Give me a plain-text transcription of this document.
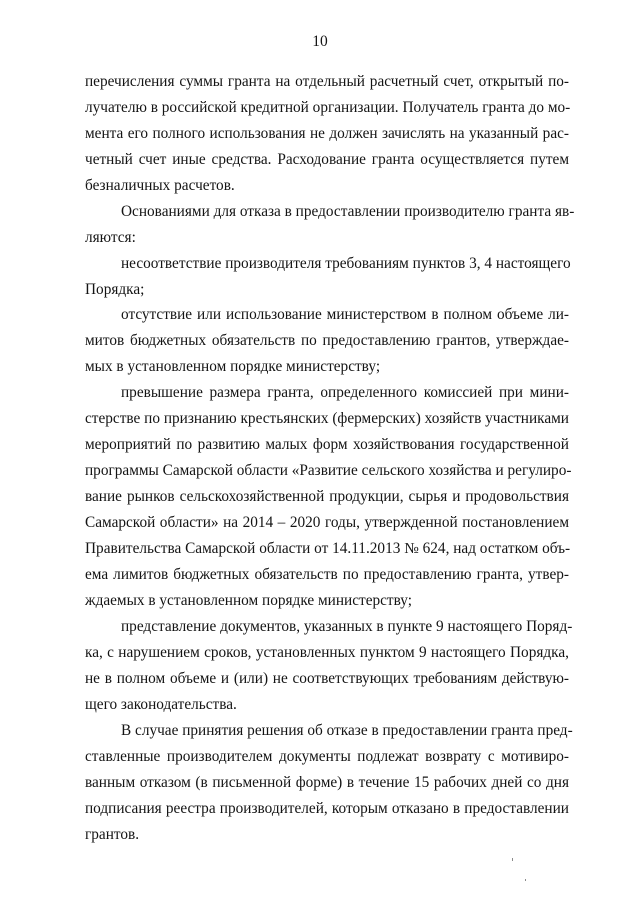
10
перечисления суммы гранта на отдельный расчетный счет, открытый по-
лучателю в российской кредитной организации. Получатель гранта до мо-
мента его полного использования не должен зачислять на указанный рас-
четный счет иные средства. Расходование гранта осуществляется путем
безналичных расчетов.
Основаниями для отказа в предоставлении производителю гранта яв-
ляются:
несоответствие производителя требованиям пунктов 3, 4 настоящего
Порядка;
отсутствие или использование министерством в полном объеме ли-
митов бюджетных обязательств по предоставлению грантов, утверждае-
мых в установленном порядке министерству;
превышение размера гранта, определенного комиссией при мини-
стерстве по признанию крестьянских (фермерских) хозяйств участниками
мероприятий по развитию малых форм хозяйствования государственной
программы Самарской области «Развитие сельского хозяйства и регулиро-
вание рынков сельскохозяйственной продукции, сырья и продовольствия
Самарской области» на 2014 – 2020 годы, утвержденной постановлением
Правительства Самарской области от 14.11.2013 № 624, над остатком объ-
ема лимитов бюджетных обязательств по предоставлению гранта, утвер-
ждаемых в установленном порядке министерству;
представление документов, указанных в пункте 9 настоящего Поряд-
ка, с нарушением сроков, установленных пунктом 9 настоящего Порядка,
не в полном объеме и (или) не соответствующих требованиям действую-
щего законодательства.
В случае принятия решения об отказе в предоставлении гранта пред-
ставленные производителем документы подлежат возврату с мотивиро-
ванным отказом (в письменной форме) в течение 15 рабочих дней со дня
подписания реестра производителей, которым отказано в предоставлении
грантов.
